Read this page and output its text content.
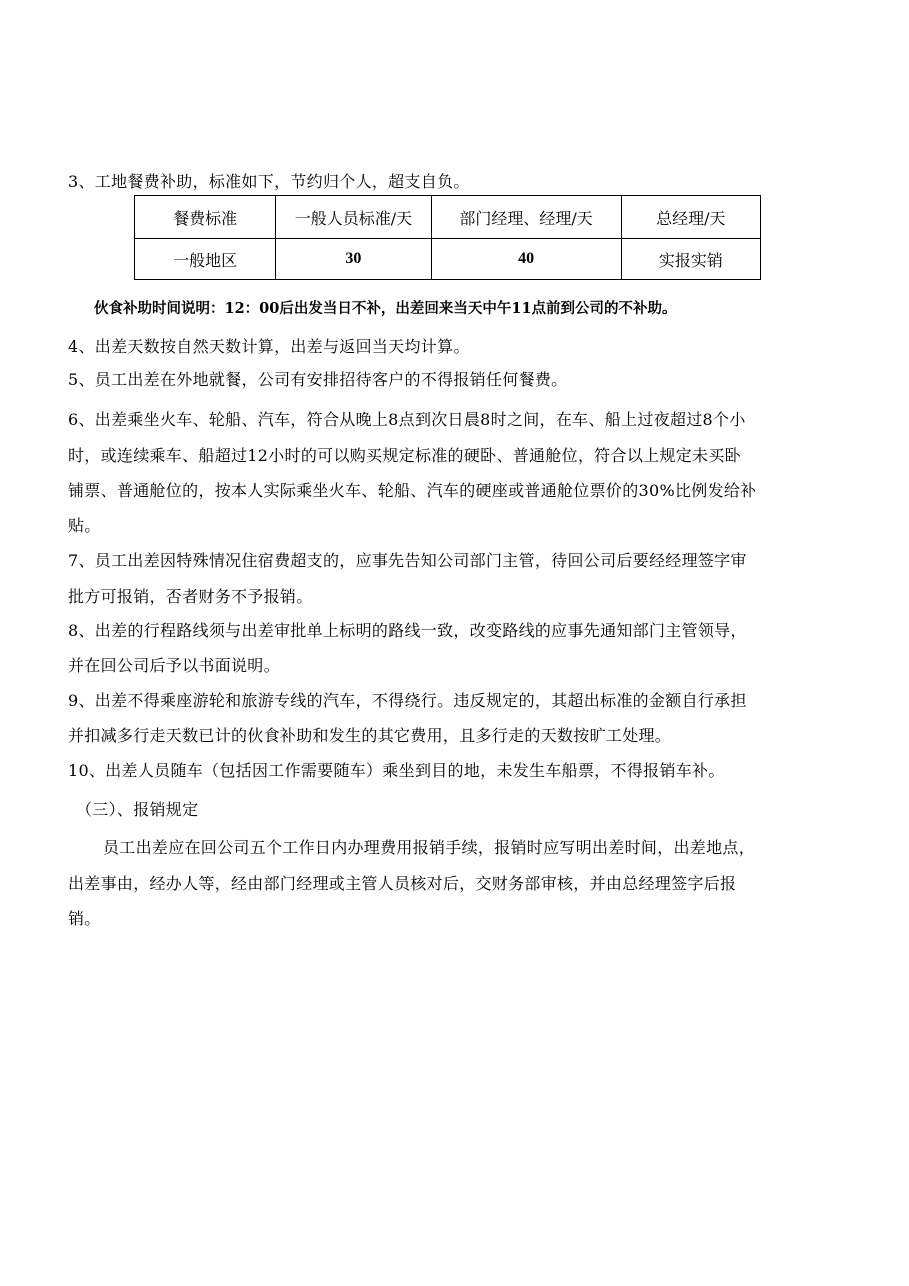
3、工地餐费补助，标准如下，节约归个人，超支自负。
餐费标准	一般人员标准/天	部门经理、经理/天	总经理/天
一般地区	30	40	实报实销
伙食补助时间说明：12：00后出发当日不补，出差回来当天中午11点前到公司的不补助。
4、出差天数按自然天数计算，出差与返回当天均计算。
5、员工出差在外地就餐，公司有安排招待客户的不得报销任何餐费。
6、出差乘坐火车、轮船、汽车，符合从晚上8点到次日晨8时之间，在车、船上过夜超过8个小
时，或连续乘车、船超过12小时的可以购买规定标准的硬卧、普通舱位，符合以上规定未买卧
铺票、普通舱位的，按本人实际乘坐火车、轮船、汽车的硬座或普通舱位票价的30%比例发给补
贴。
7、员工出差因特殊情况住宿费超支的，应事先告知公司部门主管，待回公司后要经经理签字审
批方可报销，否者财务不予报销。
8、出差的行程路线须与出差审批单上标明的路线一致，改变路线的应事先通知部门主管领导，
并在回公司后予以书面说明。
9、出差不得乘座游轮和旅游专线的汽车，不得绕行。违反规定的，其超出标准的金额自行承担
并扣减多行走天数已计的伙食补助和发生的其它费用，且多行走的天数按旷工处理。
10、出差人员随车（包括因工作需要随车）乘坐到目的地，未发生车船票，不得报销车补。
（三）、报销规定
员工出差应在回公司五个工作日内办理费用报销手续，报销时应写明出差时间，出差地点，
出差事由，经办人等，经由部门经理或主管人员核对后，交财务部审核，并由总经理签字后报
销。
